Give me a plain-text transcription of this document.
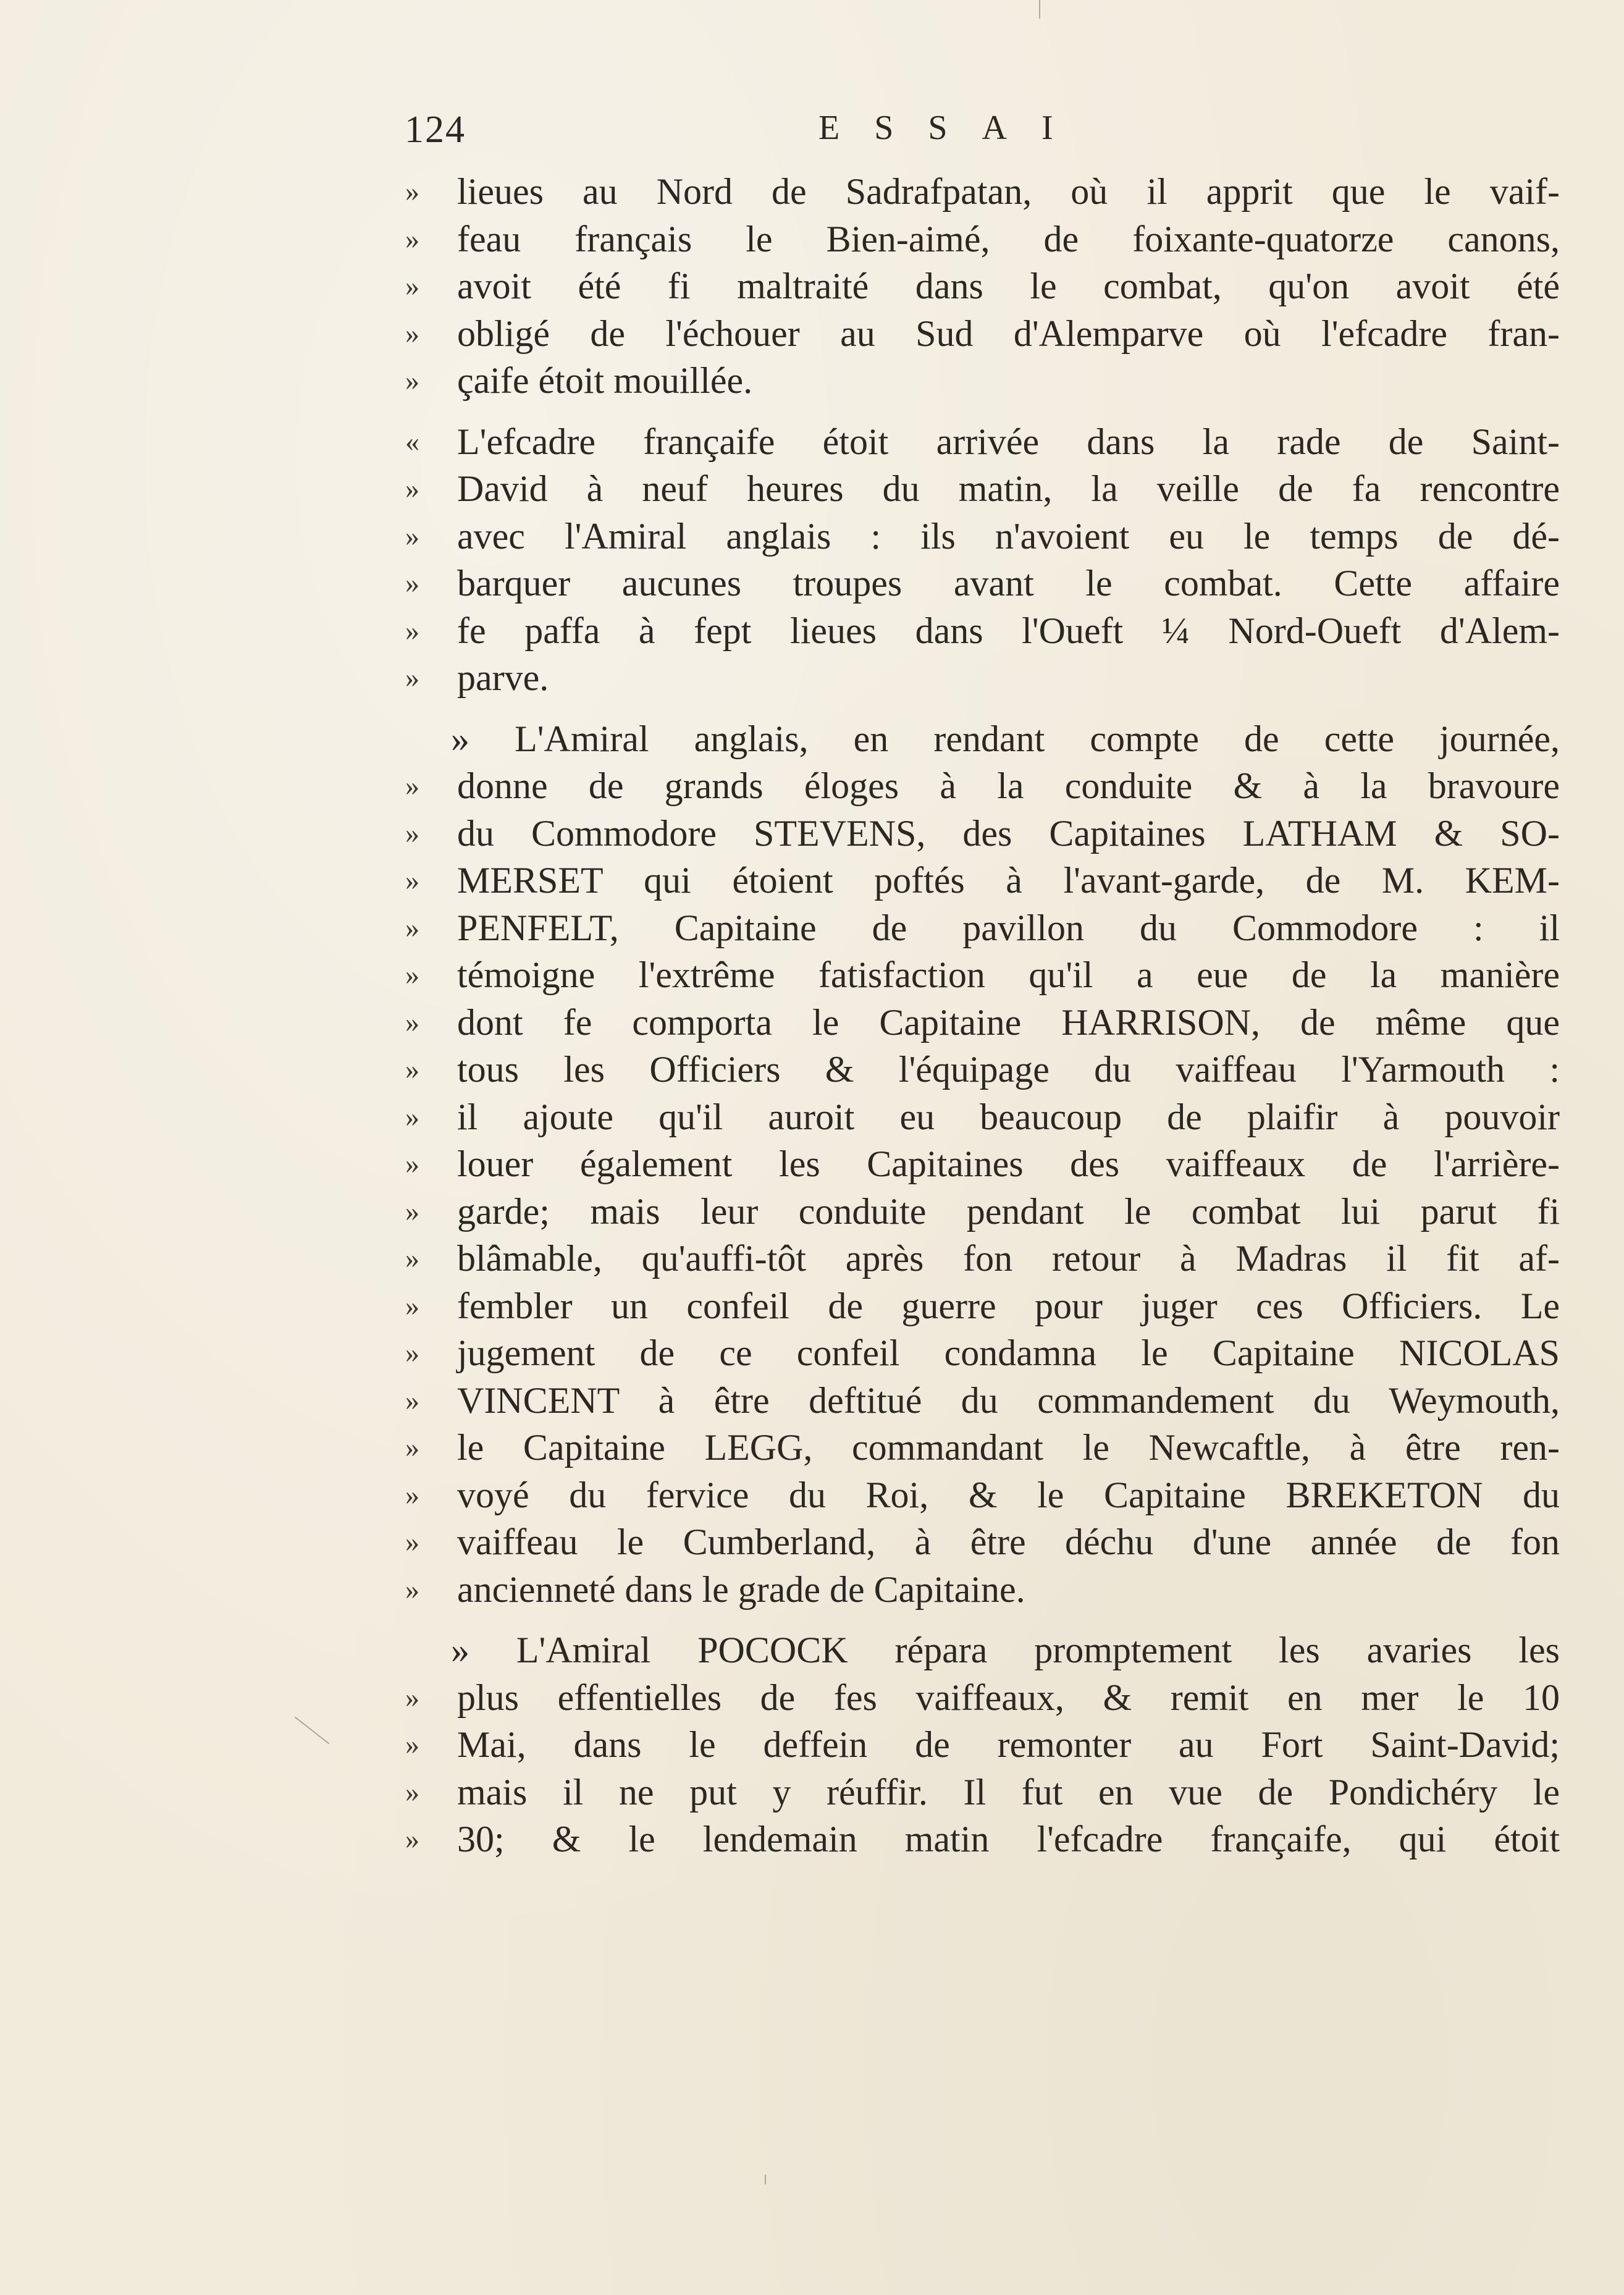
124	ESSAI
»	lieues au Nord de Sadrafpatan, où il apprit que le vaif-
»	feau français le Bien-aimé, de foixante-quatorze canons,
»	avoit été fi maltraité dans le combat, qu'on avoit été
»	obligé de l'échouer au Sud d'Alemparve où l'efcadre fran-
»	çaife étoit mouillée.
«	L'efcadre françaife étoit arrivée dans la rade de Saint-
»	David à neuf heures du matin, la veille de fa rencontre
»	avec l'Amiral anglais : ils n'avoient eu le temps de dé-
»	barquer aucunes troupes avant le combat. Cette affaire
»	fe paffa à fept lieues dans l'Oueft ¼ Nord-Oueft d'Alem-
»	parve.
» L'Amiral anglais, en rendant compte de cette journée,
»	donne de grands éloges à la conduite & à la bravoure
»	du Commodore STEVENS, des Capitaines LATHAM & SO-
»	MERSET qui étoient poftés à l'avant-garde, de M. KEM-
»	PENFELT, Capitaine de pavillon du Commodore : il
»	témoigne l'extrême fatisfaction qu'il a eue de la manière
»	dont fe comporta le Capitaine HARRISON, de même que
»	tous les Officiers & l'équipage du vaiffeau l'Yarmouth :
»	il ajoute qu'il auroit eu beaucoup de plaifir à pouvoir
»	louer également les Capitaines des vaiffeaux de l'arrière-
»	garde; mais leur conduite pendant le combat lui parut fi
»	blâmable, qu'auffi-tôt après fon retour à Madras il fit af-
»	fembler un confeil de guerre pour juger ces Officiers. Le
»	jugement de ce confeil condamna le Capitaine NICOLAS
»	VINCENT à être deftitué du commandement du Weymouth,
»	le Capitaine LEGG, commandant le Newcaftle, à être ren-
»	voyé du fervice du Roi, & le Capitaine BREKETON du
»	vaiffeau le Cumberland, à être déchu d'une année de fon
»	ancienneté dans le grade de Capitaine.
» L'Amiral POCOCK répara promptement les avaries les
»	plus effentielles de fes vaiffeaux, & remit en mer le 10
»	Mai, dans le deffein de remonter au Fort Saint-David;
»	mais il ne put y réuffir. Il fut en vue de Pondichéry le
»	30; & le lendemain matin l'efcadre françaife, qui étoit
